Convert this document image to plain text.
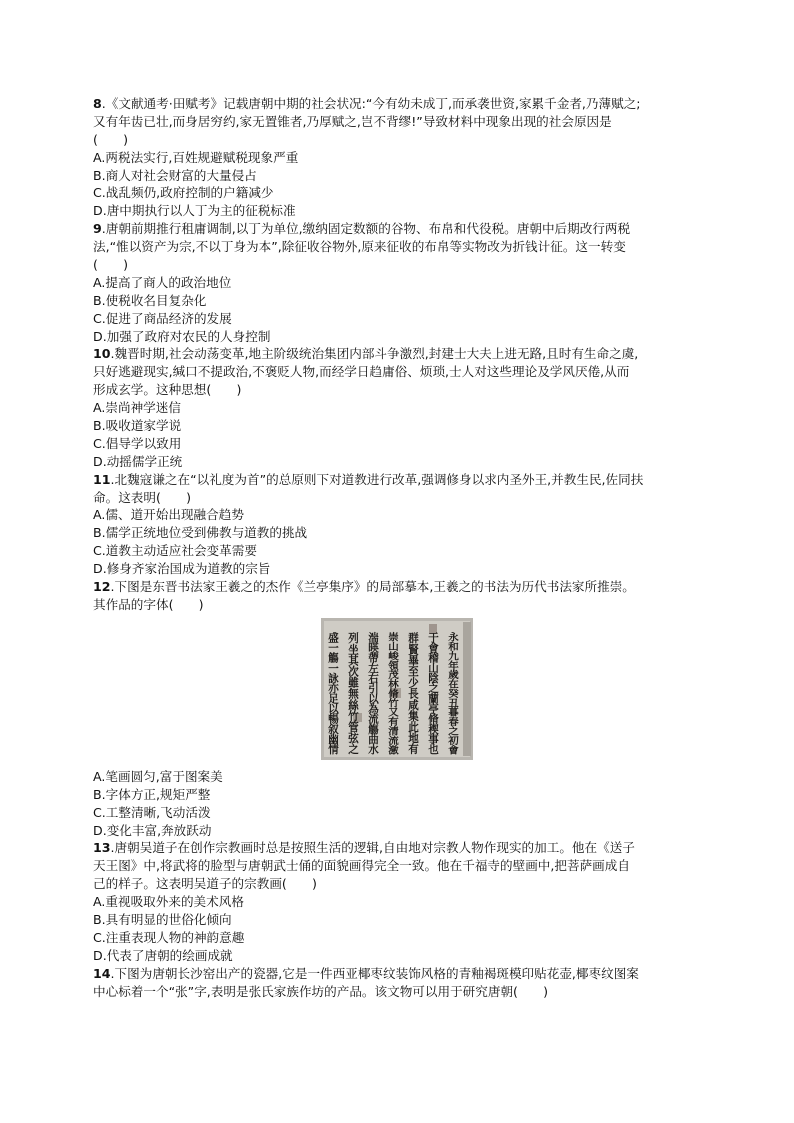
8.《文献通考·田赋考》记载唐朝中期的社会状况:“今有幼未成丁,而承袭世资,家累千金者,乃薄赋之;
又有年齿已壮,而身居穷约,家无置锥者,乃厚赋之,岂不背缪!”导致材料中现象出现的社会原因是
(　　)
A.两税法实行,百姓规避赋税现象严重
B.商人对社会财富的大量侵占
C.战乱频仍,政府控制的户籍减少
D.唐中期执行以人丁为主的征税标准
9.唐朝前期推行租庸调制,以丁为单位,缴纳固定数额的谷物、布帛和代役税。唐朝中后期改行两税
法,“惟以资产为宗,不以丁身为本”,除征收谷物外,原来征收的布帛等实物改为折钱计征。这一转变
(　　)
A.提高了商人的政治地位
B.使税收名目复杂化
C.促进了商品经济的发展
D.加强了政府对农民的人身控制
10.魏晋时期,社会动荡变革,地主阶级统治集团内部斗争激烈,封建士大夫上进无路,且时有生命之虞,
只好逃避现实,缄口不提政治,不褒贬人物,而经学日趋庸俗、烦琐,士人对这些理论及学风厌倦,从而
形成玄学。这种思想(　　)
A.崇尚神学迷信
B.吸收道家学说
C.倡导学以致用
D.动摇儒学正统
11.北魏寇谦之在“以礼度为首”的总原则下对道教进行改革,强调修身以求内圣外王,并教生民,佐同扶
命。这表明(　　)
A.儒、道开始出现融合趋势
B.儒学正统地位受到佛教与道教的挑战
C.道教主动适应社会变革需要
D.修身齐家治国成为道教的宗旨
12.下图是东晋书法家王羲之的杰作《兰亭集序》的局部摹本,王羲之的书法为历代书法家所推崇。
其作品的字体(　　)
永和九年歲在癸丑暮春之初會
于會稽山陰之蘭亭脩稧事也
群賢畢至少長咸集此地有
崇山峻領茂林脩竹又有清流激
湍暎帶左右引以為流觴曲水
列坐其次雖無絲竹管弦之
盛一觴一詠亦足以暢叙幽情
A.笔画圆匀,富于图案美
B.字体方正,规矩严整
C.工整清晰,飞动活泼
D.变化丰富,奔放跃动
13.唐朝吴道子在创作宗教画时总是按照生活的逻辑,自由地对宗教人物作现实的加工。他在《送子
天王图》中,将武将的脸型与唐朝武士俑的面貌画得完全一致。他在千福寺的壁画中,把菩萨画成自
己的样子。这表明吴道子的宗教画(　　)
A.重视吸取外来的美术风格
B.具有明显的世俗化倾向
C.注重表现人物的神韵意趣
D.代表了唐朝的绘画成就
14.下图为唐朝长沙窑出产的瓷器,它是一件西亚椰枣纹装饰风格的青釉褐斑模印贴花壶,椰枣纹图案
中心标着一个“张”字,表明是张氏家族作坊的产品。该文物可以用于研究唐朝(　　)
